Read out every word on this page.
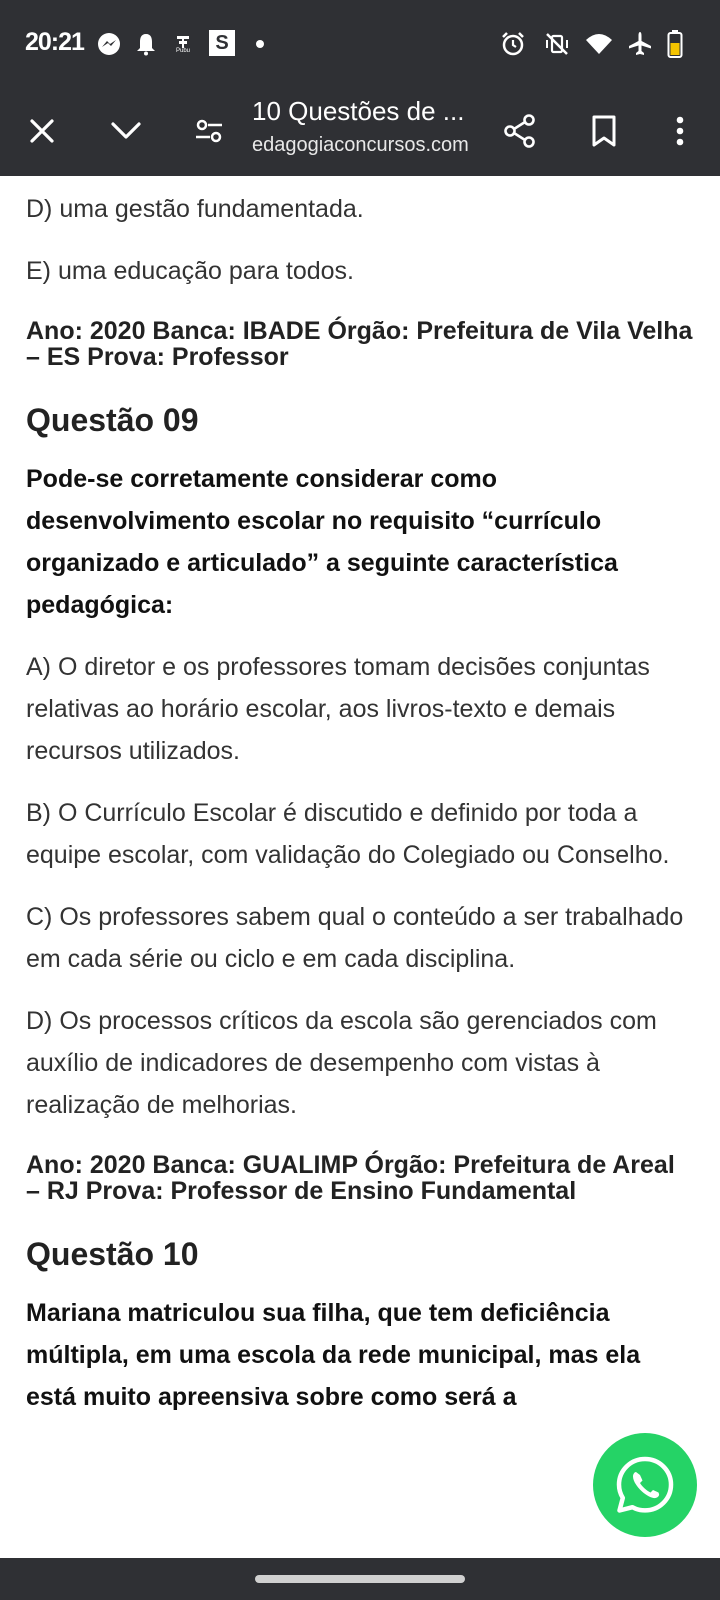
20:21	Pubu	S
10 Questões de ...
edagogiaconcursos.com

D) uma gestão fundamentada.

E) uma educação para todos.

Ano: 2020 Banca: IBADE Órgão: Prefeitura de Vila Velha – ES Prova: Professor

Questão 09

Pode-se corretamente considerar como desenvolvimento escolar no requisito “currículo organizado e articulado” a seguinte característica pedagógica:

A) O diretor e os professores tomam decisões conjuntas relativas ao horário escolar, aos livros-texto e demais recursos utilizados.

B) O Currículo Escolar é discutido e definido por toda a equipe escolar, com validação do Colegiado ou Conselho.

C) Os professores sabem qual o conteúdo a ser trabalhado em cada série ou ciclo e em cada disciplina.

D) Os processos críticos da escola são gerenciados com auxílio de indicadores de desempenho com vistas à realização de melhorias.

Ano: 2020 Banca: GUALIMP Órgão: Prefeitura de Areal – RJ Prova: Professor de Ensino Fundamental

Questão 10

Mariana matriculou sua filha, que tem deficiência múltipla, em uma escola da rede municipal, mas ela está muito apreensiva sobre como será a
